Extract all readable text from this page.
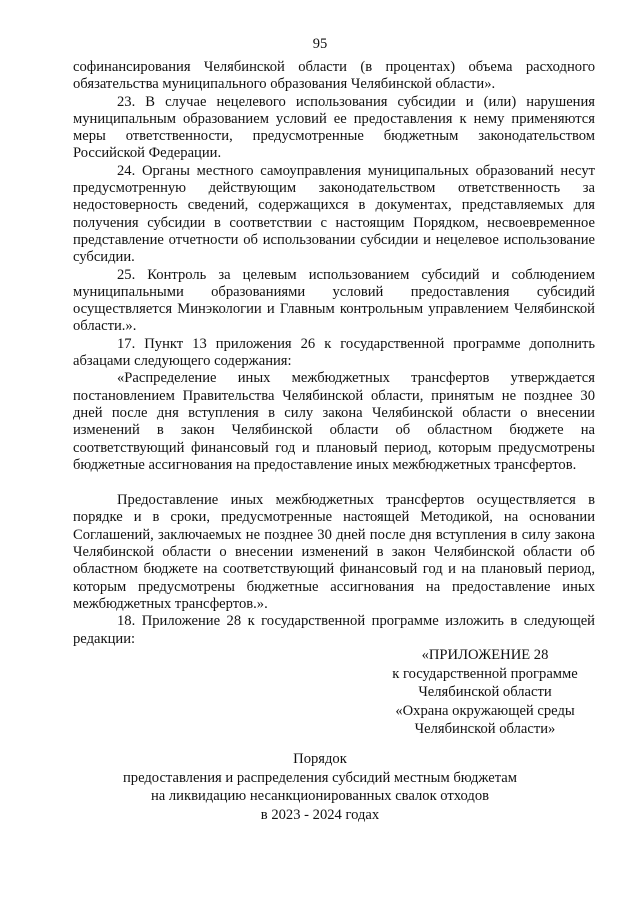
95

софинансирования Челябинской области (в процентах) объема расходного обязательства муниципального образования Челябинской области».

23. В случае нецелевого использования субсидии и (или) нарушения муниципальным образованием условий ее предоставления к нему применяются меры ответственности, предусмотренные бюджетным законодательством Российской Федерации.

24. Органы местного самоуправления муниципальных образований несут предусмотренную действующим законодательством ответственность за недостоверность сведений, содержащихся в документах, представляемых для получения субсидии в соответствии с настоящим Порядком, несвоевременное представление отчетности об использовании субсидии и нецелевое использование субсидии.

25. Контроль за целевым использованием субсидий и соблюдением муниципальными образованиями условий предоставления субсидий осуществляется Минэкологии и Главным контрольным управлением Челябинской области.».

17. Пункт 13 приложения 26 к государственной программе дополнить абзацами следующего содержания:

«Распределение иных межбюджетных трансфертов утверждается постановлением Правительства Челябинской области, принятым не позднее 30 дней после дня вступления в силу закона Челябинской области о внесении изменений в закон Челябинской области об областном бюджете на соответствующий финансовый год и плановый период, которым предусмотрены бюджетные ассигнования на предоставление иных межбюджетных трансфертов.

Предоставление иных межбюджетных трансфертов осуществляется в порядке и в сроки, предусмотренные настоящей Методикой, на основании Соглашений, заключаемых не позднее 30 дней после дня вступления в силу закона Челябинской области о внесении изменений в закон Челябинской области об областном бюджете на соответствующий финансовый год и на плановый период, которым предусмотрены бюджетные ассигнования на предоставление иных межбюджетных трансфертов.».

18. Приложение 28 к государственной программе изложить в следующей редакции:

«ПРИЛОЖЕНИЕ 28
к государственной программе
Челябинской области
«Охрана окружающей среды
Челябинской области»
Порядок
предоставления и распределения субсидий местным бюджетам
на ликвидацию несанкционированных свалок отходов
в 2023 - 2024 годах
